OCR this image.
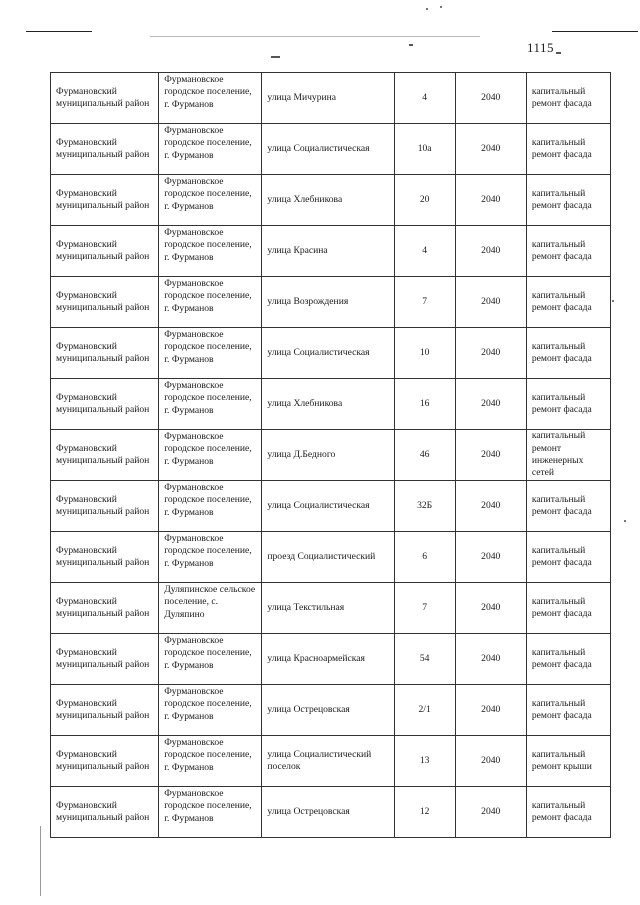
1115
Фурмановский муниципальный район	Фурмановское городское поселение, г. Фурманов	улица Мичурина	4	2040	капитальный ремонт фасада
Фурмановский муниципальный район	Фурмановское городское поселение, г. Фурманов	улица Социалистическая	10а	2040	капитальный ремонт фасада
Фурмановский муниципальный район	Фурмановское городское поселение, г. Фурманов	улица Хлебникова	20	2040	капитальный ремонт фасада
Фурмановский муниципальный район	Фурмановское городское поселение, г. Фурманов	улица Красина	4	2040	капитальный ремонт фасада
Фурмановский муниципальный район	Фурмановское городское поселение, г. Фурманов	улица Возрождения	7	2040	капитальный ремонт фасада
Фурмановский муниципальный район	Фурмановское городское поселение, г. Фурманов	улица Социалистическая	10	2040	капитальный ремонт фасада
Фурмановский муниципальный район	Фурмановское городское поселение, г. Фурманов	улица Хлебникова	16	2040	капитальный ремонт фасада
Фурмановский муниципальный район	Фурмановское городское поселение, г. Фурманов	улица Д.Бедного	46	2040	капитальный ремонт инженерных сетей
Фурмановский муниципальный район	Фурмановское городское поселение, г. Фурманов	улица Социалистическая	32Б	2040	капитальный ремонт фасада
Фурмановский муниципальный район	Фурмановское городское поселение, г. Фурманов	проезд Социалистический	6	2040	капитальный ремонт фасада
Фурмановский муниципальный район	Дуляпинское сельское поселение, с. Дуляпино	улица Текстильная	7	2040	капитальный ремонт фасада
Фурмановский муниципальный район	Фурмановское городское поселение, г. Фурманов	улица Красноармейская	54	2040	капитальный ремонт фасада
Фурмановский муниципальный район	Фурмановское городское поселение, г. Фурманов	улица Острецовская	2/1	2040	капитальный ремонт фасада
Фурмановский муниципальный район	Фурмановское городское поселение, г. Фурманов	улица Социалистический поселок	13	2040	капитальный ремонт крыши
Фурмановский муниципальный район	Фурмановское городское поселение, г. Фурманов	улица Острецовская	12	2040	капитальный ремонт фасада
